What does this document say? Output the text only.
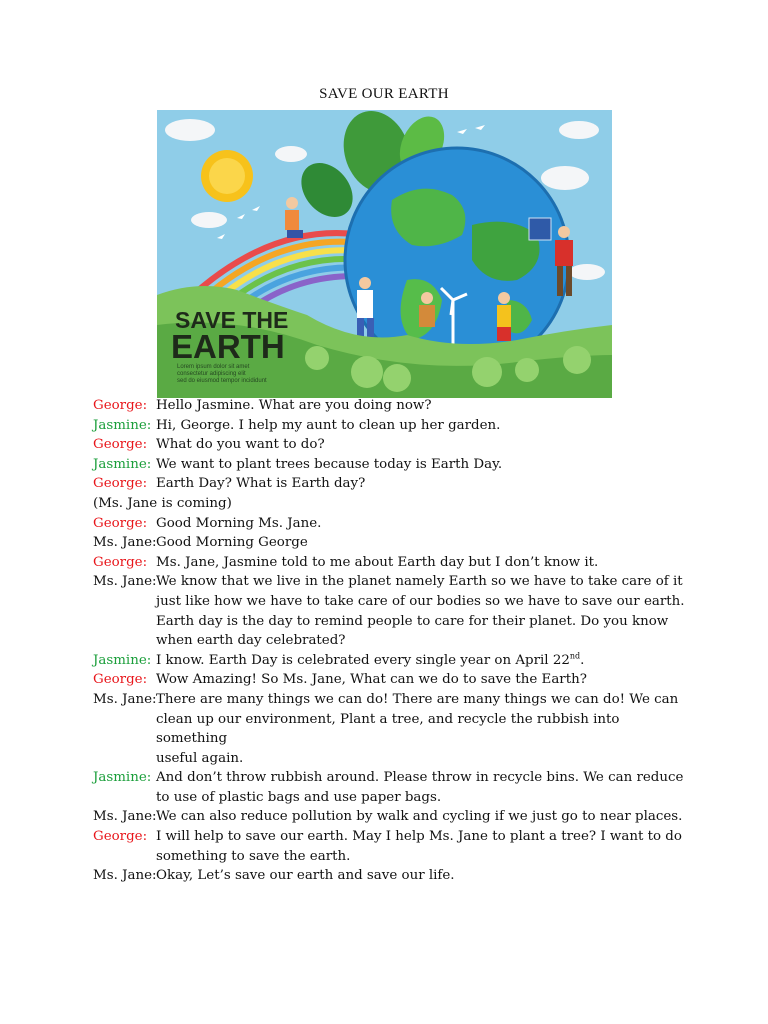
SAVE OUR EARTH
SAVE THE
EARTH
Lorem ipsum dolor sit amet
consectetur adipiscing elit
sed do eiusmod tempor incididunt
George: Hello Jasmine. What are you doing now?
Jasmine: Hi, George. I help my aunt to clean up her garden.
George: What do you want to do?
Jasmine: We want to plant trees because today is Earth Day.
George: Earth Day? What is Earth day?
(Ms. Jane is coming)
George: Good Morning Ms. Jane.
Ms. Jane: Good Morning George
George: Ms. Jane, Jasmine told to me about Earth day but I don’t know it.
Ms. Jane: We know that we live in the planet namely Earth so we have to take care of it
just like how we have to take care of our bodies so we have to save our earth.
Earth day is the day to remind people to care for their planet. Do you know
when earth day celebrated?
Jasmine: I know. Earth Day is celebrated every single year on April 22nd.
George: Wow Amazing! So Ms. Jane, What can we do to save the Earth?
Ms. Jane: There are many things we can do! There are many things we can do! We can
clean up our environment, Plant a tree, and recycle the rubbish into something
useful again.
Jasmine: And don’t throw rubbish around. Please throw in recycle bins. We can reduce
to use of plastic bags and use paper bags.
Ms. Jane: We can also reduce pollution by walk and cycling if we just go to near places.
George: I will help to save our earth. May I help Ms. Jane to plant a tree? I want to do
something to save the earth.
Ms. Jane: Okay, Let’s save our earth and save our life.
